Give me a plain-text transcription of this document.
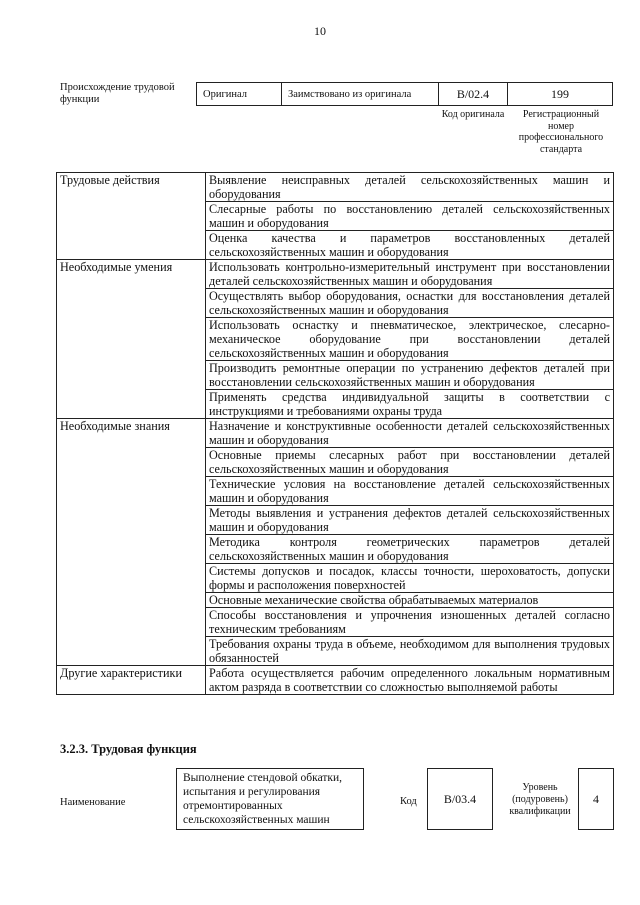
10
Происхождение трудовой функции	Оригинал	Заимствовано из оригинала	B/02.4	199
Код оригинала	Регистрационный номер профессионального стандарта
Трудовые действия	Выявление неисправных деталей сельскохозяйственных машин и оборудования
	Слесарные работы по восстановлению деталей сельскохозяйственных машин и оборудования
	Оценка качества и параметров восстановленных деталей сельскохозяйственных машин и оборудования
Необходимые умения	Использовать контрольно-измерительный инструмент при восстановлении деталей сельскохозяйственных машин и оборудования
	Осуществлять выбор оборудования, оснастки для восстановления деталей сельскохозяйственных машин и оборудования
	Использовать оснастку и пневматическое, электрическое, слесарно-механическое оборудование при восстановлении деталей сельскохозяйственных машин и оборудования
	Производить ремонтные операции по устранению дефектов деталей при восстановлении сельскохозяйственных машин и оборудования
	Применять средства индивидуальной защиты в соответствии с инструкциями и требованиями охраны труда
Необходимые знания	Назначение и конструктивные особенности деталей сельскохозяйственных машин и оборудования
	Основные приемы слесарных работ при восстановлении деталей сельскохозяйственных машин и оборудования
	Технические условия на восстановление деталей сельскохозяйственных машин и оборудования
	Методы выявления и устранения дефектов деталей сельскохозяйственных машин и оборудования
	Методика контроля геометрических параметров деталей сельскохозяйственных машин и оборудования
	Системы допусков и посадок, классы точности, шероховатость, допуски формы и расположения поверхностей
	Основные механические свойства обрабатываемых материалов
	Способы восстановления и упрочнения изношенных деталей согласно техническим требованиям
	Требования охраны труда в объеме, необходимом для выполнения трудовых обязанностей
Другие характеристики	Работа осуществляется рабочим определенного локальным нормативным актом разряда в соответствии со сложностью выполняемой работы
3.2.3. Трудовая функция
Наименование
Выполнение стендовой обкатки, испытания и регулирования отремонтированных сельскохозяйственных машин
Код B/03.4
Уровень (подуровень) квалификации
4
